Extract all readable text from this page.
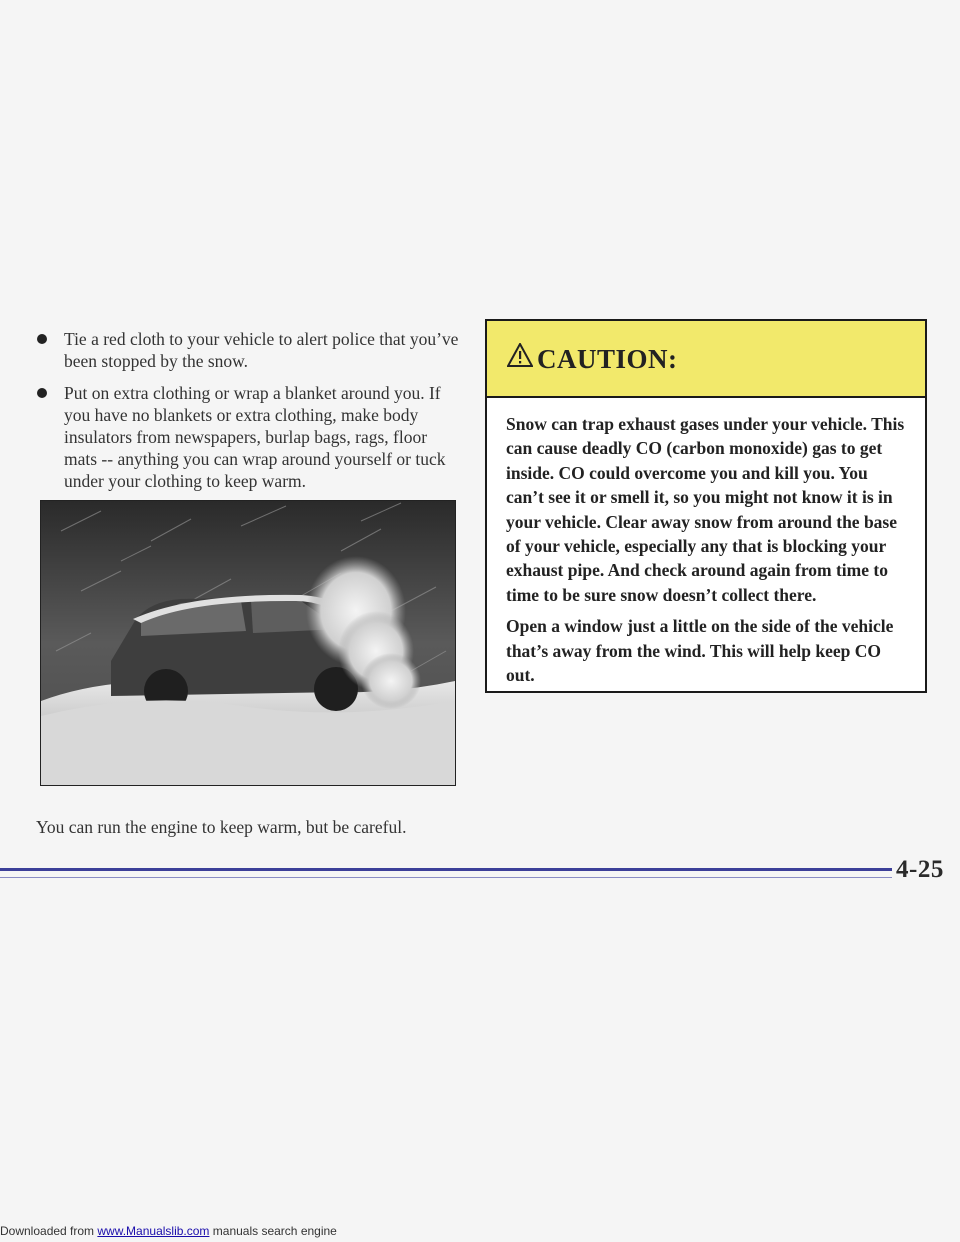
Tie a red cloth to your vehicle to alert police that you’ve been stopped by the snow.
Put on extra clothing or wrap a blanket around you. If you have no blankets or extra clothing, make body insulators from newspapers, burlap bags, rags, floor mats -- anything you can wrap around yourself or tuck under your clothing to keep warm.
You can run the engine to keep warm, but be careful.
CAUTION:

Snow can trap exhaust gases under your vehicle. This can cause deadly CO (carbon monoxide) gas to get inside. CO could overcome you and kill you. You can’t see it or smell it, so you might not know it is in your vehicle. Clear away snow from around the base of your vehicle, especially any that is blocking your exhaust pipe. And check around again from time to time to be sure snow doesn’t collect there.

Open a window just a little on the side of the vehicle that’s away from the wind. This will help keep CO out.

4-25
Downloaded from www.Manualslib.com manuals search engine
